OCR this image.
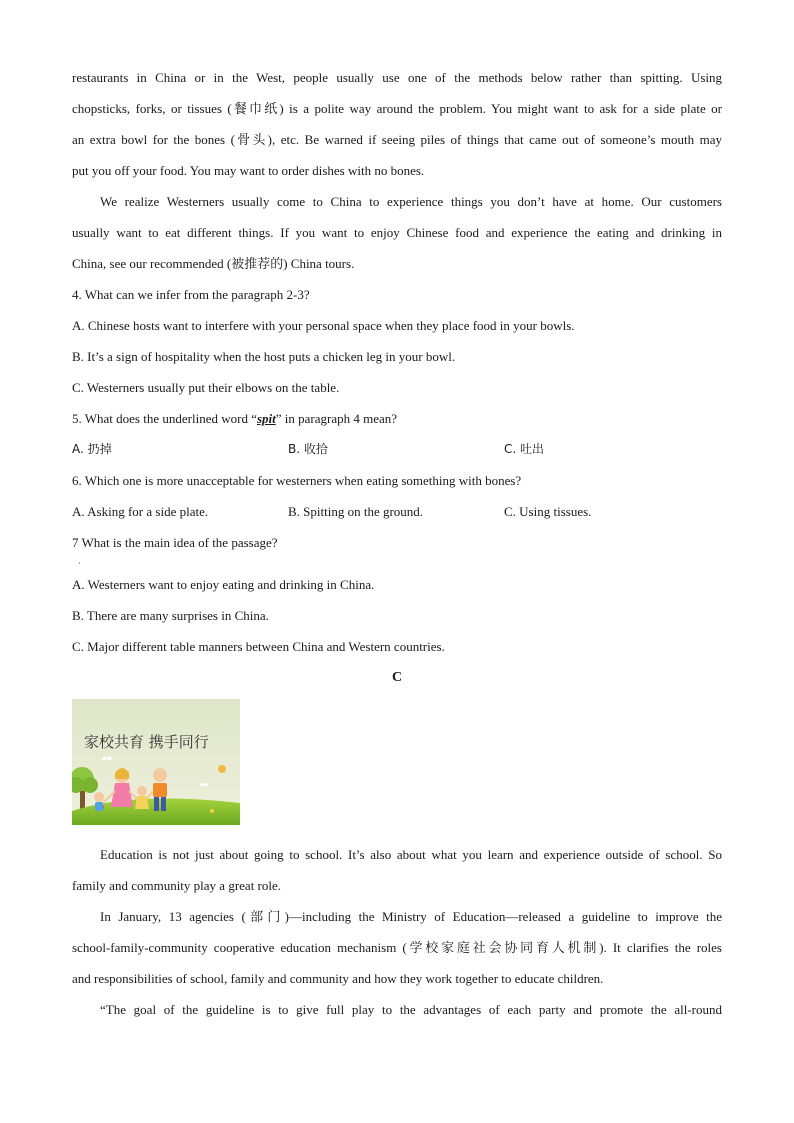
restaurants in China or in the West, people usually use one of the methods below rather than spitting. Using

chopsticks, forks, or tissues (餐巾纸) is a polite way around the problem. You might want to ask for a side plate or

an extra bowl for the bones (骨头), etc. Be warned if seeing piles of things that came out of someone’s mouth may

put you off your food. You may want to order dishes with no bones.

We realize Westerners usually come to China to experience things you don’t have at home. Our customers

usually want to eat different things. If you want to enjoy Chinese food and experience the eating and drinking in

China, see our recommended (被推荐的) China tours.

4. What can we infer from the paragraph 2-3?

A. Chinese hosts want to interfere with your personal space when they place food in your bowls.

B. It’s a sign of hospitality when the host puts a chicken leg in your bowl.

C. Westerners usually put their elbows on the table.

5. What does the underlined word “spit” in paragraph 4 mean?

A. 扔掉	B. 收拾	C. 吐出

6. Which one is more unacceptable for westerners when eating something with bones?

A. Asking for a side plate.	B. Spitting on the ground.	C. Using tissues.

7 What is the main idea of the passage?

·

A. Westerners want to enjoy eating and drinking in China.

B. There are many surprises in China.

C. Major different table manners between China and Western countries.

C
家校共育 携手同行

Education is not just about going to school. It’s also about what you learn and experience outside of school. So

family and community play a great role.

In January, 13 agencies (部门)—including the Ministry of Education—released a guideline to improve the

school-family-community cooperative education mechanism (学校家庭社会协同育人机制). It clarifies the roles

and responsibilities of school, family and community and how they work together to educate children.

“The goal of the guideline is to give full play to the advantages of each party and promote the all-round
